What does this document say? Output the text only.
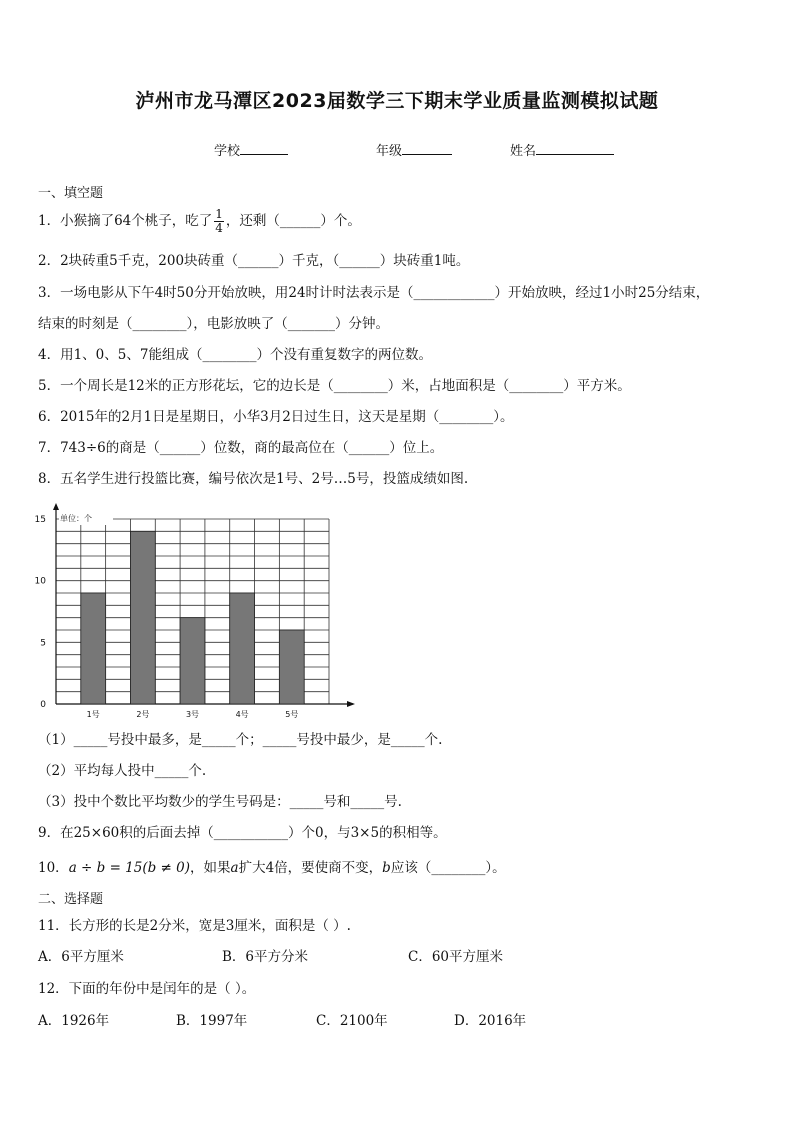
泸州市龙马潭区2023届数学三下期末学业质量监测模拟试题
学校	年级	姓名
一、填空题
1．小猴摘了64个桃子，吃了 $\frac{1}{4}$ ，还剩（______）个。
2．2块砖重5千克，200块砖重（______）千克，（______）块砖重1吨。
3．一场电影从下午4时50分开始放映，用24时计时法表示是（____________）开始放映，经过1小时25分结束，
结束的时刻是（________），电影放映了（_______）分钟。
4．用1、0、5、7能组成（________）个没有重复数字的两位数。
5．一个周长是12米的正方形花坛，它的边长是（________）米，占地面积是（________）平方米。
6．2015年的2月1日是星期日，小华3月2日过生日，这天是星期（________）。
7．743÷6的商是（______）位数，商的最高位在（______）位上。
8．五名学生进行投篮比赛，编号依次是1号、2号…5号，投篮成绩如图.
单位：个
0
5
10
15
1号	2号	3号	4号	5号
（1）_____号投中最多，是_____个；_____号投中最少，是_____个.
（2）平均每人投中_____个.
（3）投中个数比平均数少的学生号码是：_____号和_____号.
9．在25×60积的后面去掉（___________）个0，与3×5的积相等。
10．a ÷ b = 15(b ≠ 0)，如果a扩大4倍，要使商不变，b应该（________）。
二、选择题
11．长方形的长是2分米，宽是3厘米，面积是（ ）.
A．6平方厘米	B．6平方分米	C．60平方厘米
12．下面的年份中是闰年的是（ ）。
A．1926年	B．1997年	C．2100年	D．2016年
